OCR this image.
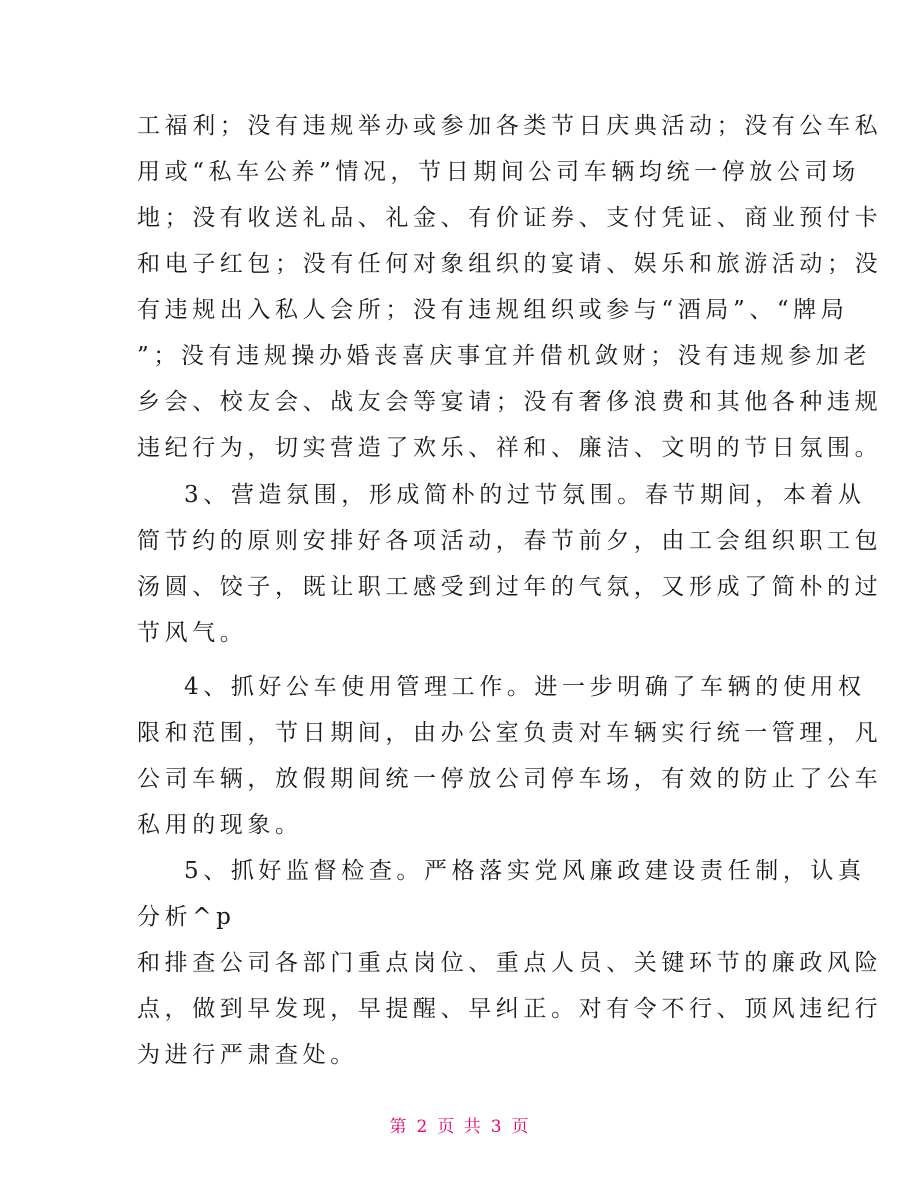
工福利；没有违规举办或参加各类节日庆典活动；没有公车私
用或“私车公养”情况，节日期间公司车辆均统一停放公司场
地；没有收送礼品、礼金、有价证券、支付凭证、商业预付卡
和电子红包；没有任何对象组织的宴请、娱乐和旅游活动；没
有违规出入私人会所；没有违规组织或参与“酒局”、“牌局
”；没有违规操办婚丧喜庆事宜并借机敛财；没有违规参加老
乡会、校友会、战友会等宴请；没有奢侈浪费和其他各种违规
违纪行为，切实营造了欢乐、祥和、廉洁、文明的节日氛围。
3、营造氛围，形成简朴的过节氛围。春节期间，本着从
简节约的原则安排好各项活动，春节前夕，由工会组织职工包
汤圆、饺子，既让职工感受到过年的气氛，又形成了简朴的过
节风气。
4、抓好公车使用管理工作。进一步明确了车辆的使用权
限和范围，节日期间，由办公室负责对车辆实行统一管理，凡
公司车辆，放假期间统一停放公司停车场，有效的防止了公车
私用的现象。
5、抓好监督检查。严格落实党风廉政建设责任制，认真
分析^p
和排查公司各部门重点岗位、重点人员、关键环节的廉政风险
点，做到早发现，早提醒、早纠正。对有令不行、顶风违纪行
为进行严肃查处。
第 2 页 共 3 页
